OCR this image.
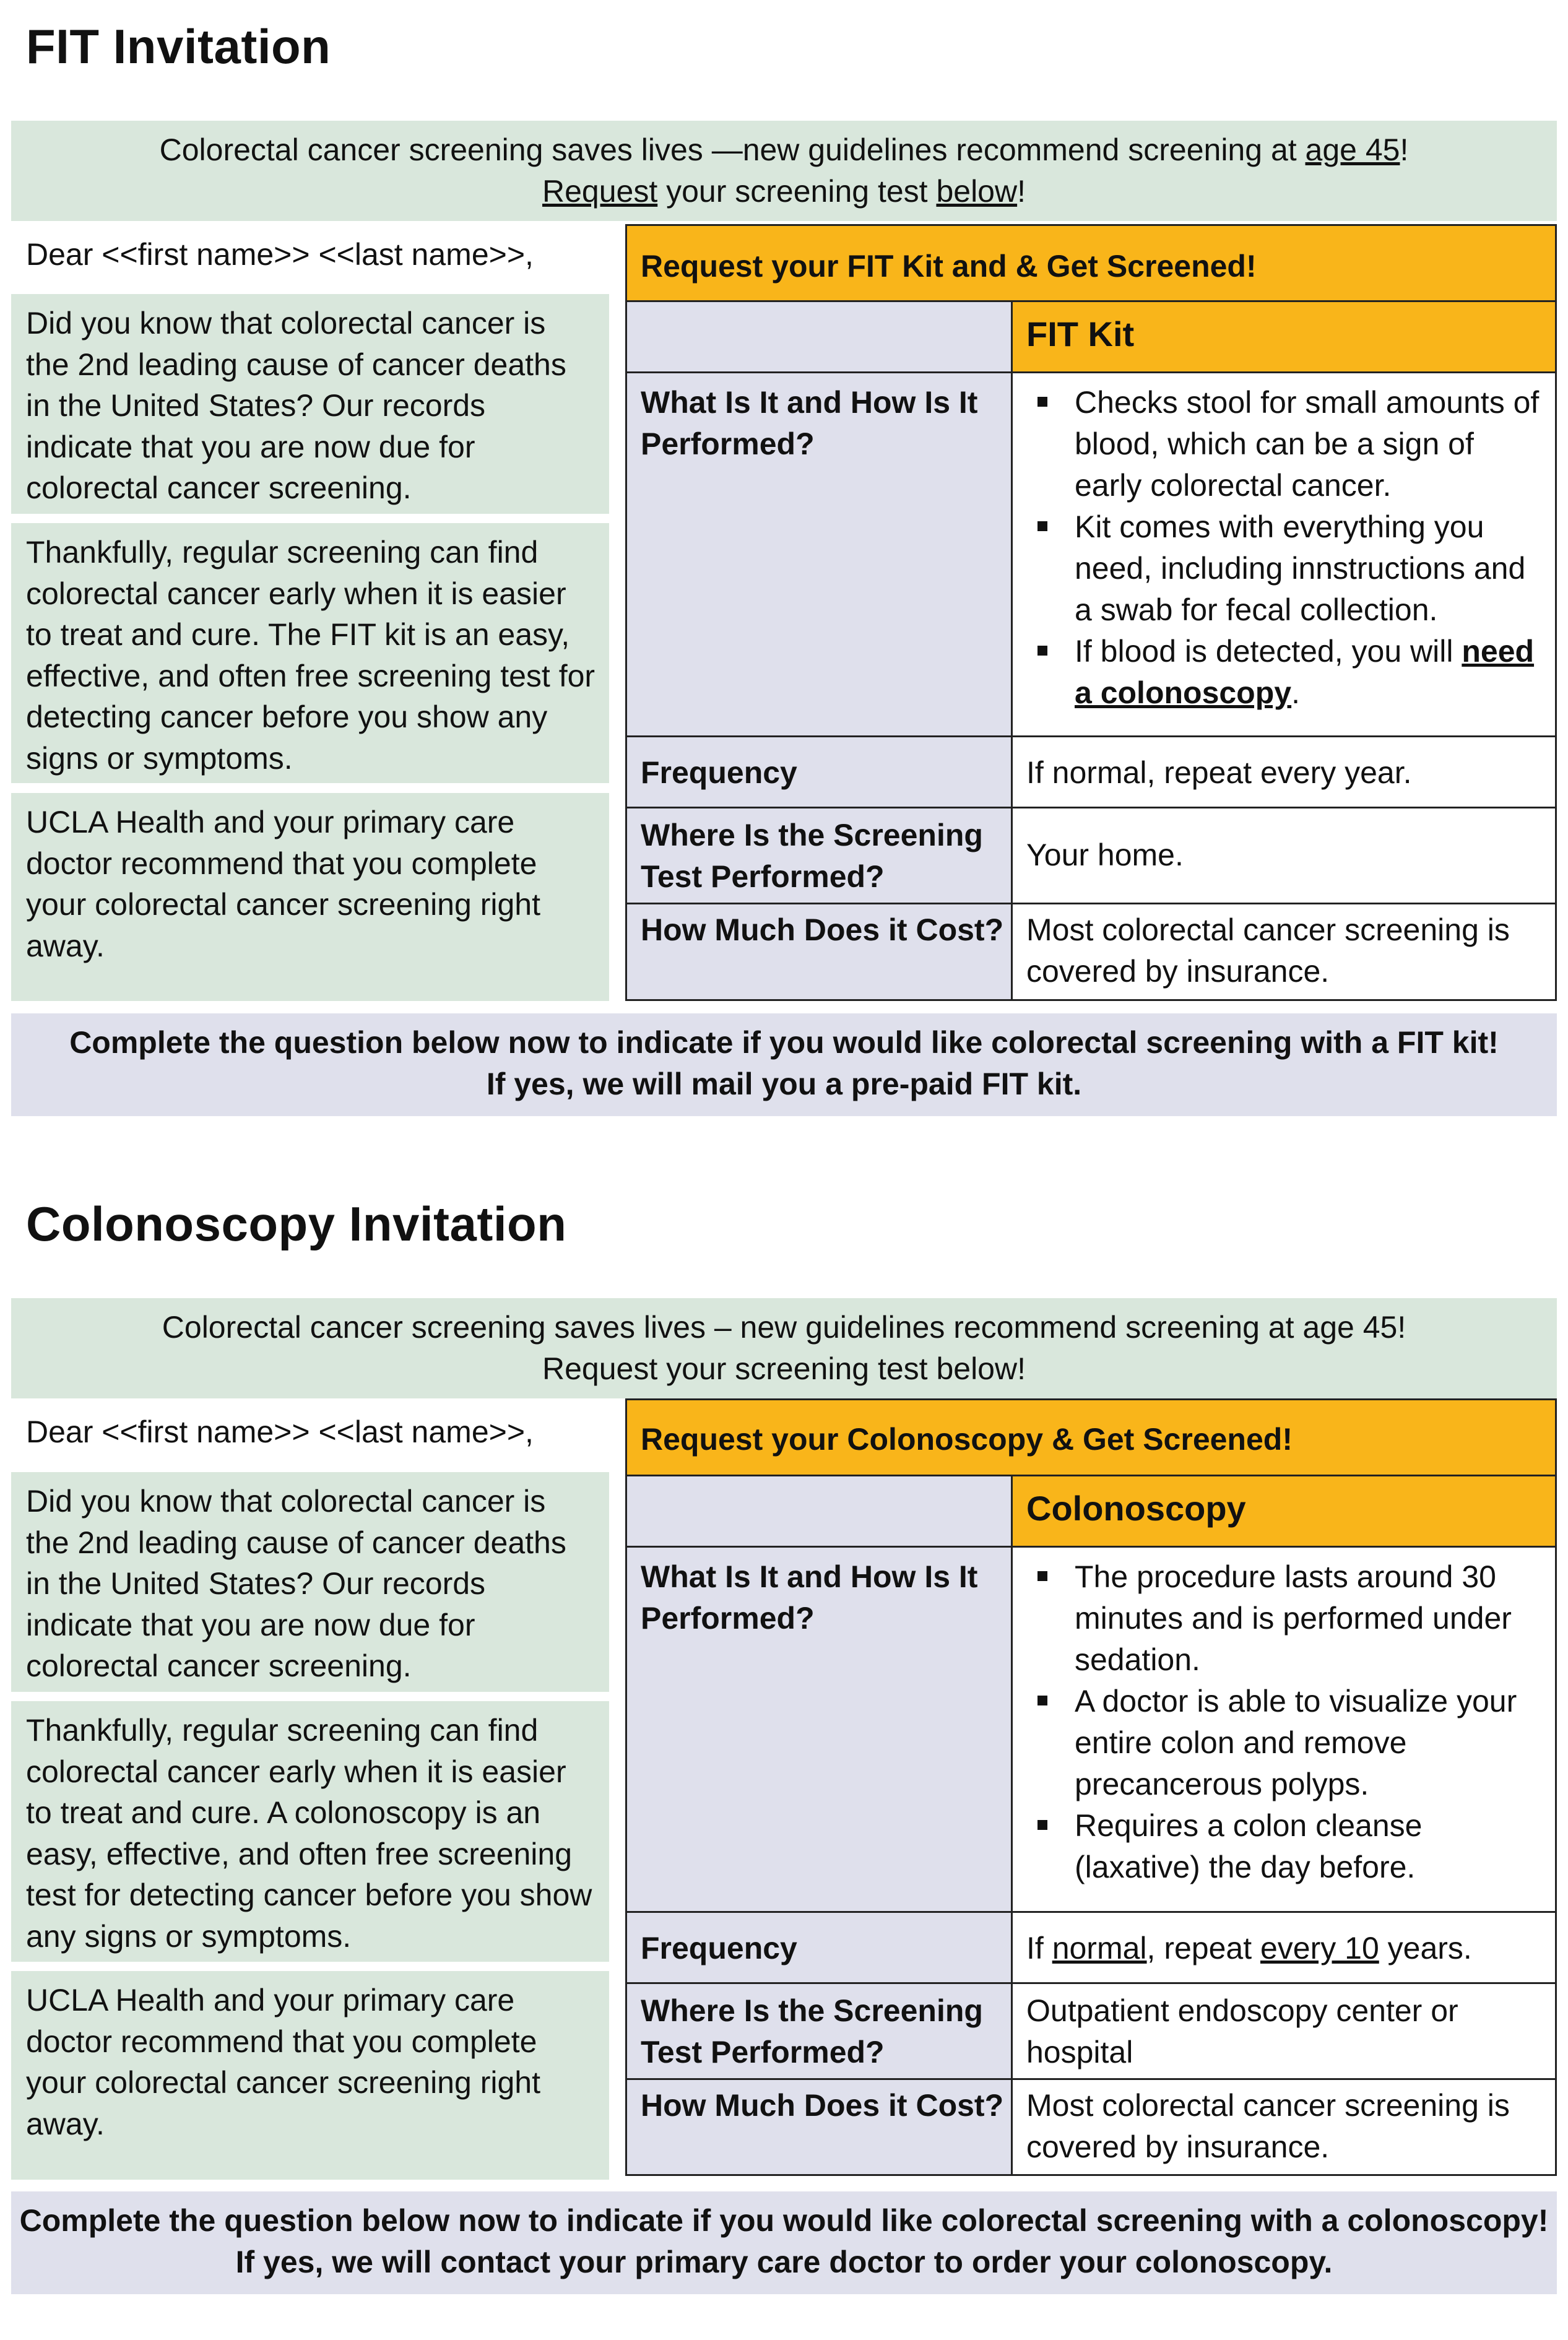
FIT Invitation
Colorectal cancer screening saves lives —new guidelines recommend screening at age 45!
Request your screening test below!
Dear <<first name>> <<last name>>,
Did you know that colorectal cancer is the 2nd leading cause of cancer deaths in the United States? Our records indicate that you are now due for colorectal cancer screening.
Thankfully, regular screening can find colorectal cancer early when it is easier to treat and cure. The FIT kit is an easy, effective, and often free screening test for detecting cancer before you show any signs or symptoms.
UCLA Health and your primary care doctor recommend that you complete your colorectal cancer screening right away.
Request your FIT Kit and & Get Screened!
FIT Kit
What Is It and How Is It Performed?
Checks stool for small amounts of blood, which can be a sign of early colorectal cancer.
Kit comes with everything you need, including innstructions and a swab for fecal collection.
If blood is detected, you will need a colonoscopy.
Frequency	If normal, repeat every year.
Where Is the Screening Test Performed?
Your home.
How Much Does it Cost? Most colorectal cancer screening is covered by insurance.
Complete the question below now to indicate if you would like colorectal screening with a FIT kit!
If yes, we will mail you a pre-paid FIT kit.
Colonoscopy Invitation
Colorectal cancer screening saves lives – new guidelines recommend screening at age 45!
Request your screening test below!
Dear <<first name>> <<last name>>,
Did you know that colorectal cancer is the 2nd leading cause of cancer deaths in the United States? Our records indicate that you are now due for colorectal cancer screening.
Thankfully, regular screening can find colorectal cancer early when it is easier to treat and cure. A colonoscopy is an easy, effective, and often free screening test for detecting cancer before you show any signs or symptoms.
UCLA Health and your primary care doctor recommend that you complete your colorectal cancer screening right away.
Request your Colonoscopy & Get Screened!
Colonoscopy
What Is It and How Is It Performed?
The procedure lasts around 30 minutes and is performed under sedation.
A doctor is able to visualize your entire colon and remove precancerous polyps.
Requires a colon cleanse (laxative) the day before.
Frequency	If normal, repeat every 10 years.
Where Is the Screening Test Performed?
Outpatient endoscopy center or hospital
How Much Does it Cost? Most colorectal cancer screening is covered by insurance.
Complete the question below now to indicate if you would like colorectal screening with a colonoscopy!
If yes, we will contact your primary care doctor to order your colonoscopy.
